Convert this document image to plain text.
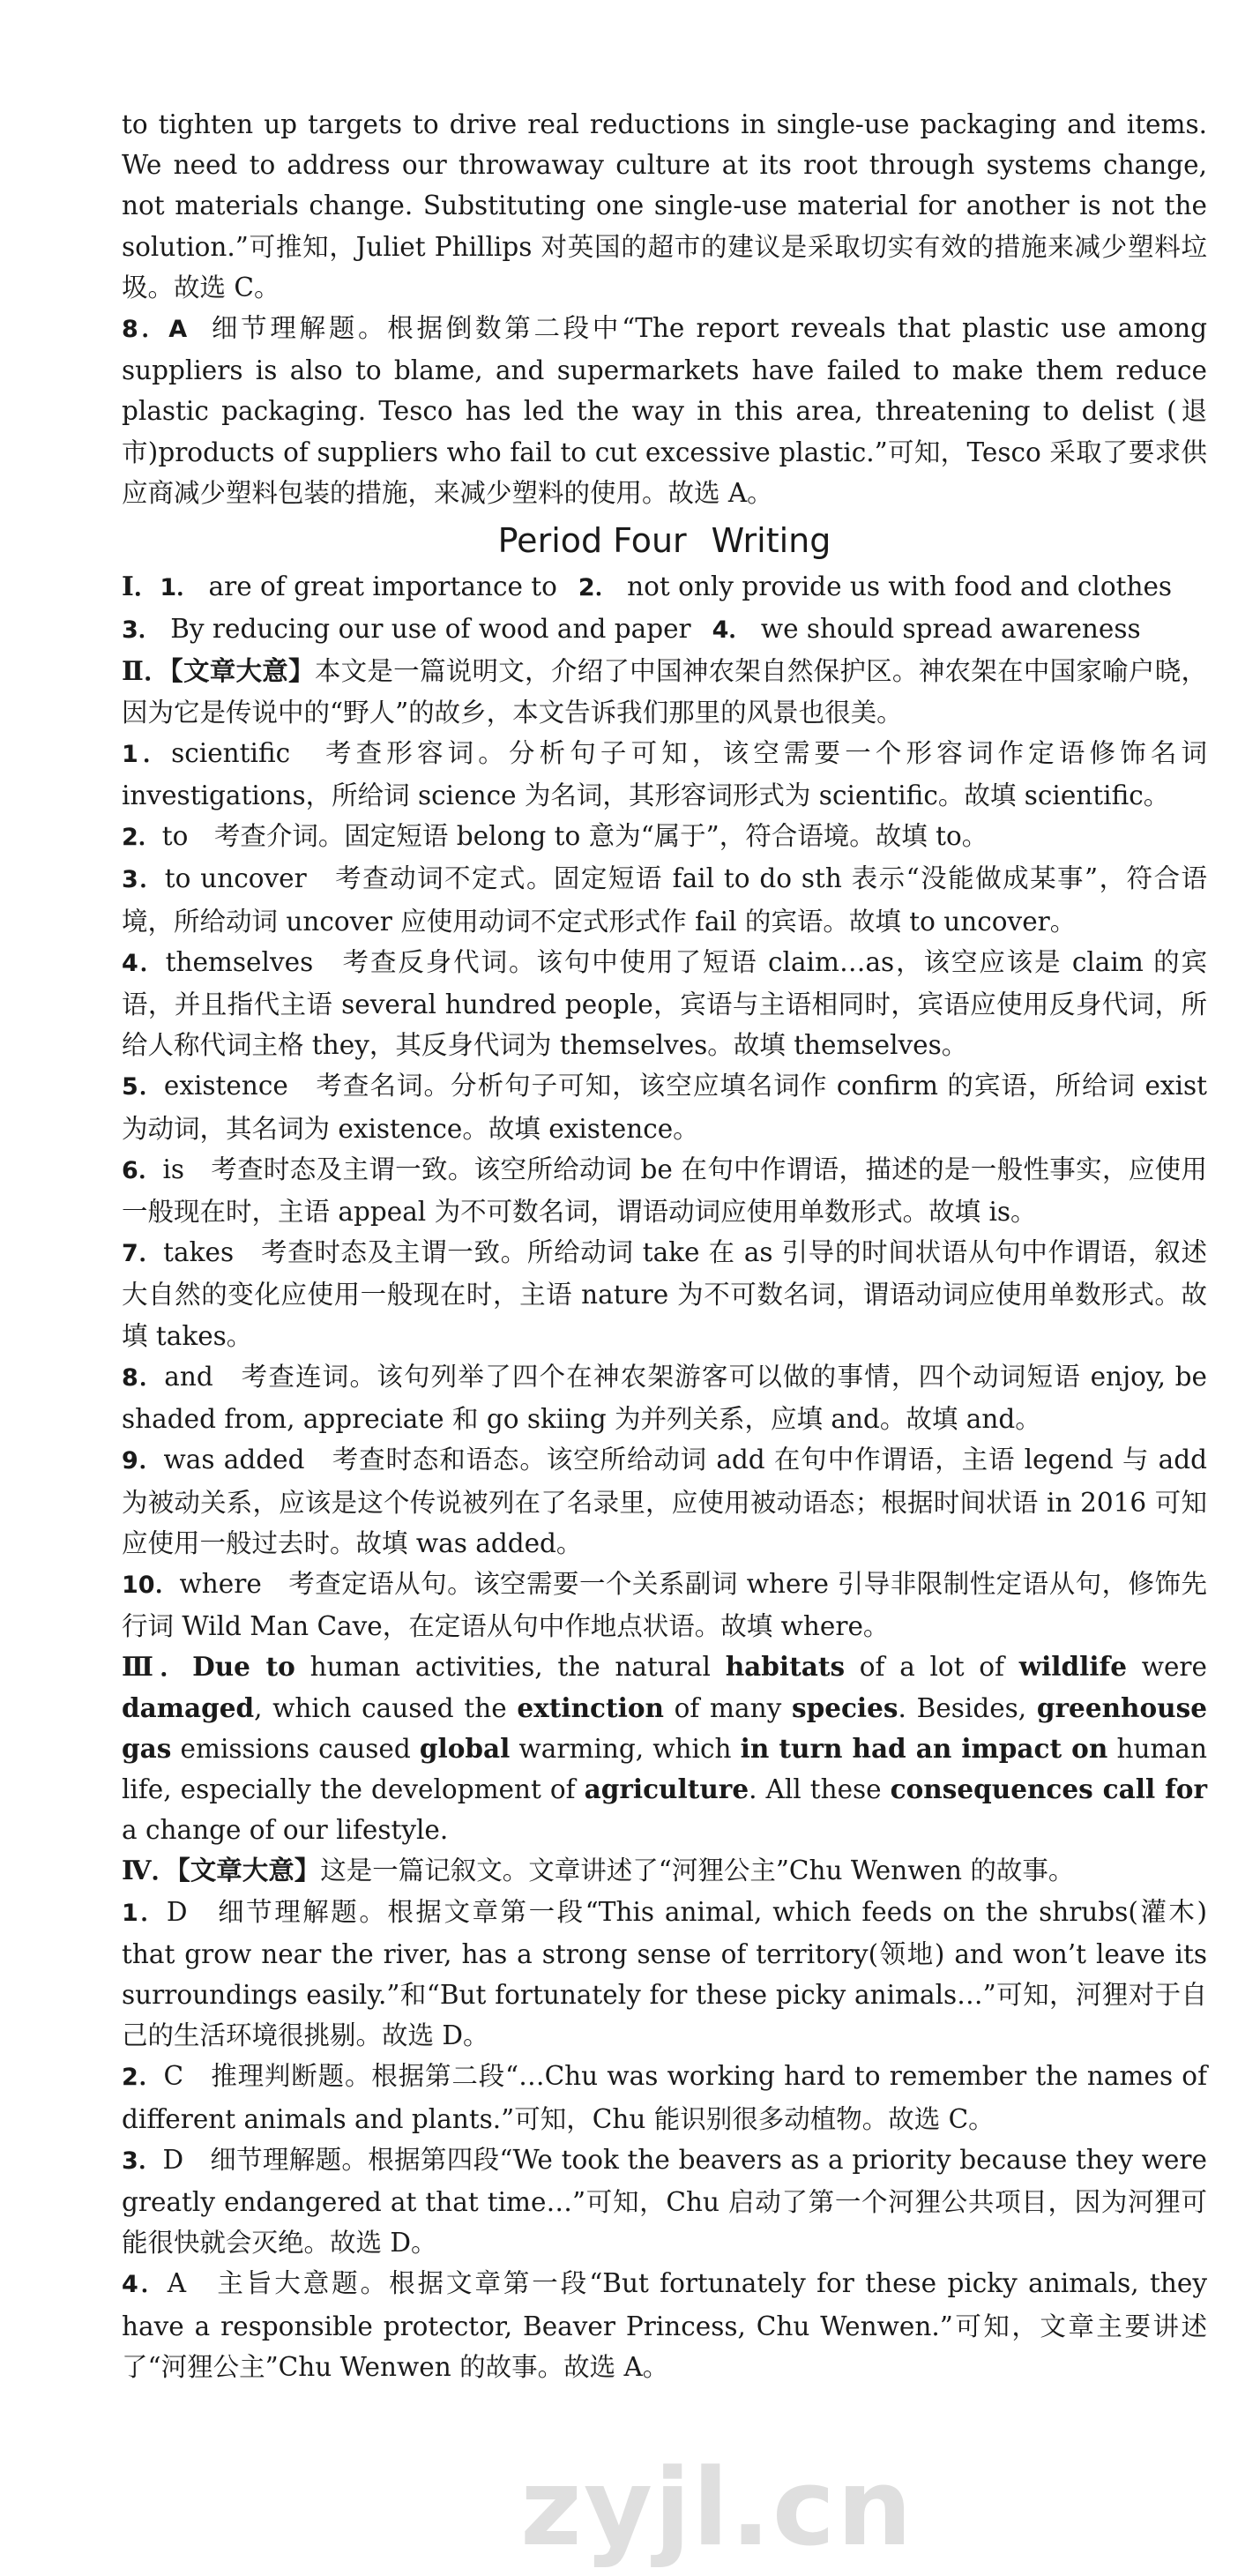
to tighten up targets to drive real reductions in single-use packaging and items. We need to address our throwaway culture at its root through systems change, not materials change. Substituting one single-use material for another is not the solution.”可推知，Juliet Phillips 对英国的超市的建议是采取切实有效的措施来减少塑料垃圾。故选 C。

8．A 细节理解题。根据倒数第二段中“The report reveals that plastic use among suppliers is also to blame, and supermarkets have failed to make them reduce plastic packaging. Tesco has led the way in this area, threatening to delist (退市)products of suppliers who fail to cut excessive plastic.”可知，Tesco 采取了要求供应商减少塑料包装的措施，来减少塑料的使用。故选 A。

Period Four Writing

Ⅰ．1． are of great importance to 2． not only provide us with food and clothes
3． By reducing our use of wood and paper 4． we should spread awareness

Ⅱ．【文章大意】本文是一篇说明文，介绍了中国神农架自然保护区。神农架在中国家喻户晓，因为它是传说中的“野人”的故乡，本文告诉我们那里的风景也很美。

1．scientific　考查形容词。分析句子可知，该空需要一个形容词作定语修饰名词 investigations，所给词 science 为名词，其形容词形式为 scientific。故填 scientific。

2．to　考查介词。固定短语 belong to 意为“属于”，符合语境。故填 to。

3．to uncover　考查动词不定式。固定短语 fail to do sth 表示“没能做成某事”，符合语境，所给动词 uncover 应使用动词不定式形式作 fail 的宾语。故填 to uncover。

4．themselves　考查反身代词。该句中使用了短语 claim…as，该空应该是 claim 的宾语，并且指代主语 several hundred people，宾语与主语相同时，宾语应使用反身代词，所给人称代词主格 they，其反身代词为 themselves。故填 themselves。

5．existence　考查名词。分析句子可知，该空应填名词作 confirm 的宾语，所给词 exist 为动词，其名词为 existence。故填 existence。

6．is　考查时态及主谓一致。该空所给动词 be 在句中作谓语，描述的是一般性事实，应使用一般现在时，主语 appeal 为不可数名词，谓语动词应使用单数形式。故填 is。

7．takes　考查时态及主谓一致。所给动词 take 在 as 引导的时间状语从句中作谓语，叙述大自然的变化应使用一般现在时，主语 nature 为不可数名词，谓语动词应使用单数形式。故填 takes。

8．and　考查连词。该句列举了四个在神农架游客可以做的事情，四个动词短语 enjoy, be shaded from, appreciate 和 go skiing 为并列关系，应填 and。故填 and。

9．was added　考查时态和语态。该空所给动词 add 在句中作谓语，主语 legend 与 add 为被动关系，应该是这个传说被列在了名录里，应使用被动语态；根据时间状语 in 2016 可知应使用一般过去时。故填 was added。

10．where　考查定语从句。该空需要一个关系副词 where 引导非限制性定语从句，修饰先行词 Wild Man Cave，在定语从句中作地点状语。故填 where。

Ⅲ．Due to human activities, the natural habitats of a lot of wildlife were damaged, which caused the extinction of many species. Besides, greenhouse gas emissions caused global warming, which in turn had an impact on human life, especially the development of agriculture. All these consequences call for a change of our lifestyle.

Ⅳ．【文章大意】这是一篇记叙文。文章讲述了“河狸公主”Chu Wenwen 的故事。

1．D　细节理解题。根据文章第一段“This animal, which feeds on the shrubs(灌木) that grow near the river, has a strong sense of territory(领地) and won’t leave its surroundings easily.”和“But fortunately for these picky animals…”可知，河狸对于自己的生活环境很挑剔。故选 D。

2．C　推理判断题。根据第二段“…Chu was working hard to remember the names of different animals and plants.”可知，Chu 能识别很多动植物。故选 C。

3．D　细节理解题。根据第四段“We took the beavers as a priority because they were greatly endangered at that time…”可知，Chu 启动了第一个河狸公共项目，因为河狸可能很快就会灭绝。故选 D。

4．A　主旨大意题。根据文章第一段“But fortunately for these picky animals, they have a responsible protector, Beaver Princess, Chu Wenwen.”可知，文章主要讲述了“河狸公主”Chu Wenwen 的故事。故选 A。

zyjl.cn
